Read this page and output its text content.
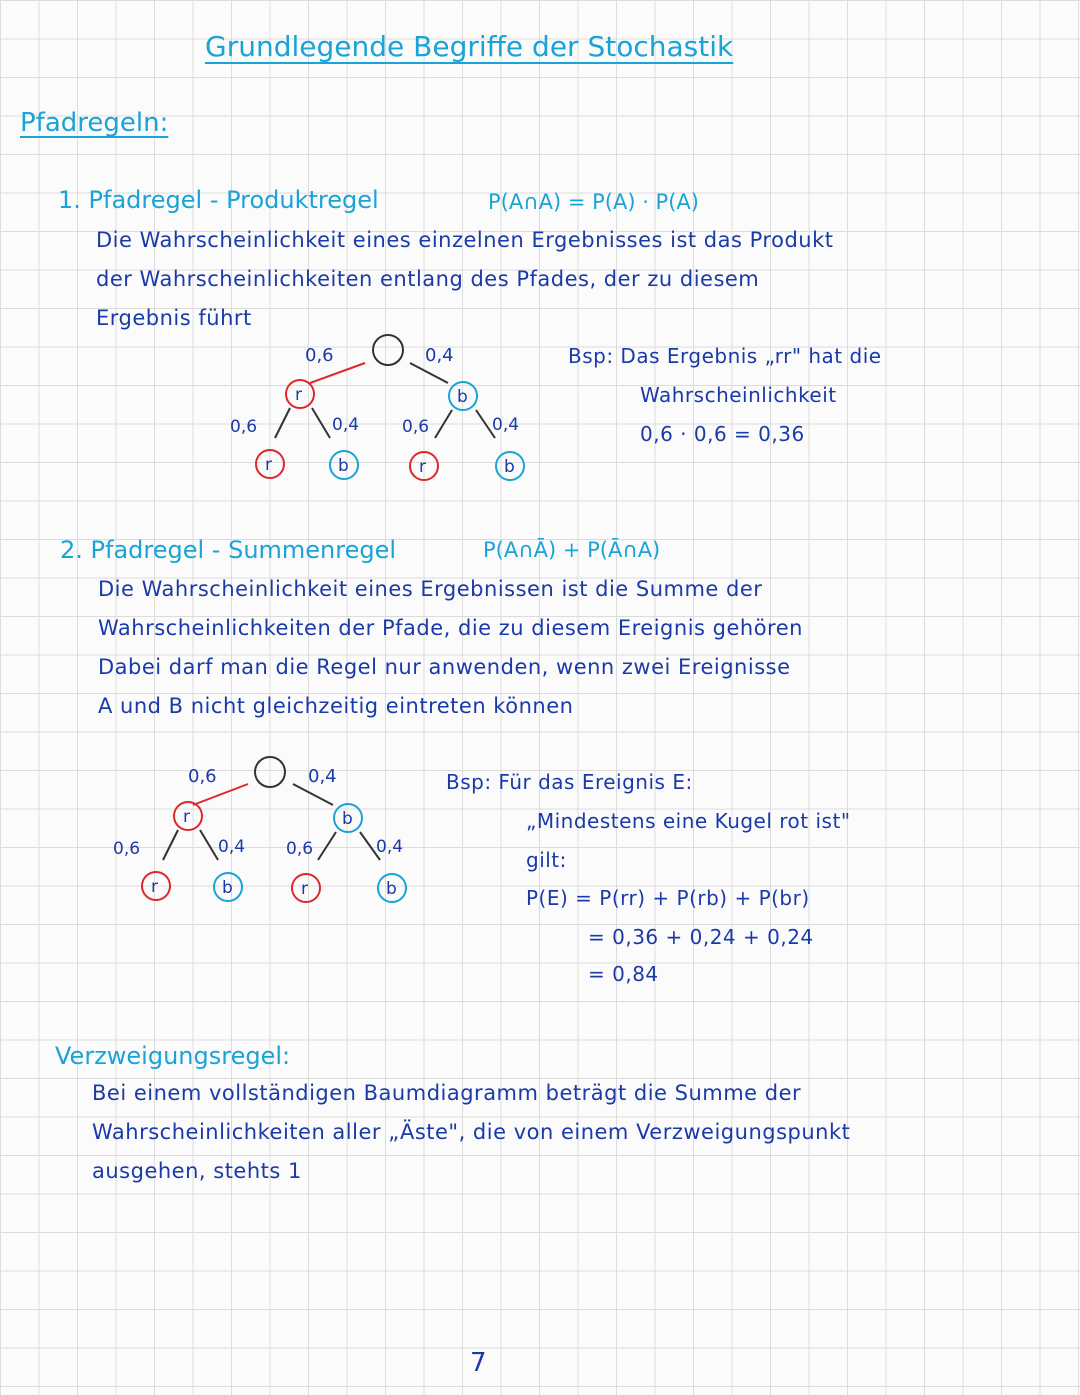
Grundlegende Begriffe der Stochastik

Pfadregeln:

1. Pfadregel - Produktregel	P(A∩A) = P(A) · P(A)

Die Wahrscheinlichkeit eines einzelnen Ergebnisses ist das Produkt

der Wahrscheinlichkeiten entlang des Pfades, der zu diesem

Ergebnis führt

0,6	0,4
r	b
0,6	0,4	0,6	0,4
r	b	r	b

Bsp: Das Ergebnis „rr" hat die

Wahrscheinlichkeit

0,6 · 0,6 = 0,36

2. Pfadregel - Summenregel	P(A∩Ā) + P(Ā∩A)

Die Wahrscheinlichkeit eines Ergebnissen ist die Summe der

Wahrscheinlichkeiten der Pfade, die zu diesem Ereignis gehören

Dabei darf man die Regel nur anwenden, wenn zwei Ereignisse

A und B nicht gleichzeitig eintreten können

0,6	0,4
r	b
0,6	0,4 0,6	0,4
r	b	r	b

Bsp: Für das Ereignis E:

„Mindestens eine Kugel rot ist"

gilt:

P(E) = P(rr) + P(rb) + P(br)

= 0,36 + 0,24 + 0,24

= 0,84

Verzweigungsregel:

Bei einem vollständigen Baumdiagramm beträgt die Summe der

Wahrscheinlichkeiten aller „Äste", die von einem Verzweigungspunkt

ausgehen, stehts 1

7
